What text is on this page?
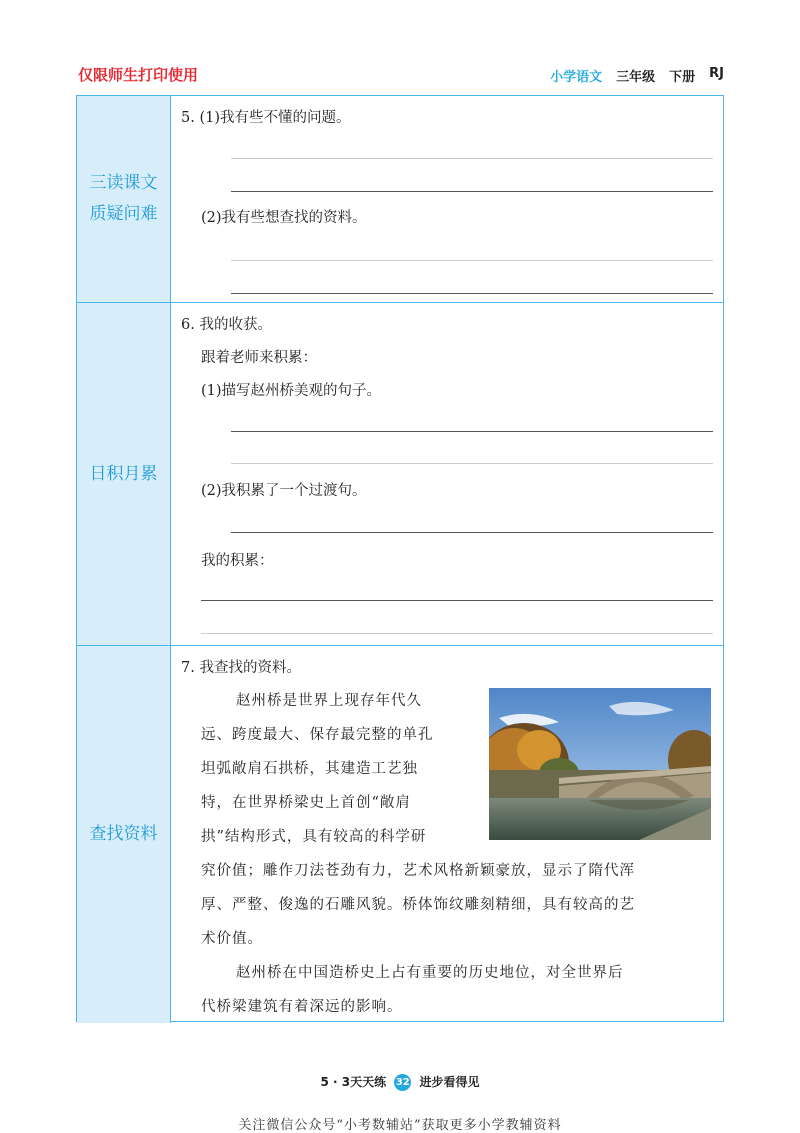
仅限师生打印使用	小学语文 三年级 下册 RJ
三读课文
质疑问难
5. (1)我有些不懂的问题。
(2)我有些想查找的资料。
日积月累
6. 我的收获。
跟着老师来积累：
(1)描写赵州桥美观的句子。
(2)我积累了一个过渡句。
我的积累：
查找资料
7. 我查找的资料。
赵州桥是世界上现存年代久
远、跨度最大、保存最完整的单孔
坦弧敞肩石拱桥，其建造工艺独
特，在世界桥梁史上首创“敞肩
拱”结构形式，具有较高的科学研
究价值；雕作刀法苍劲有力，艺术风格新颖豪放，显示了隋代浑
厚、严整、俊逸的石雕风貌。桥体饰纹雕刻精细，具有较高的艺
术价值。
赵州桥在中国造桥史上占有重要的历史地位，对全世界后
代桥梁建筑有着深远的影响。
5 · 3天天练 32 进步看得见
关注微信公众号“小考数辅站”获取更多小学教辅资料
